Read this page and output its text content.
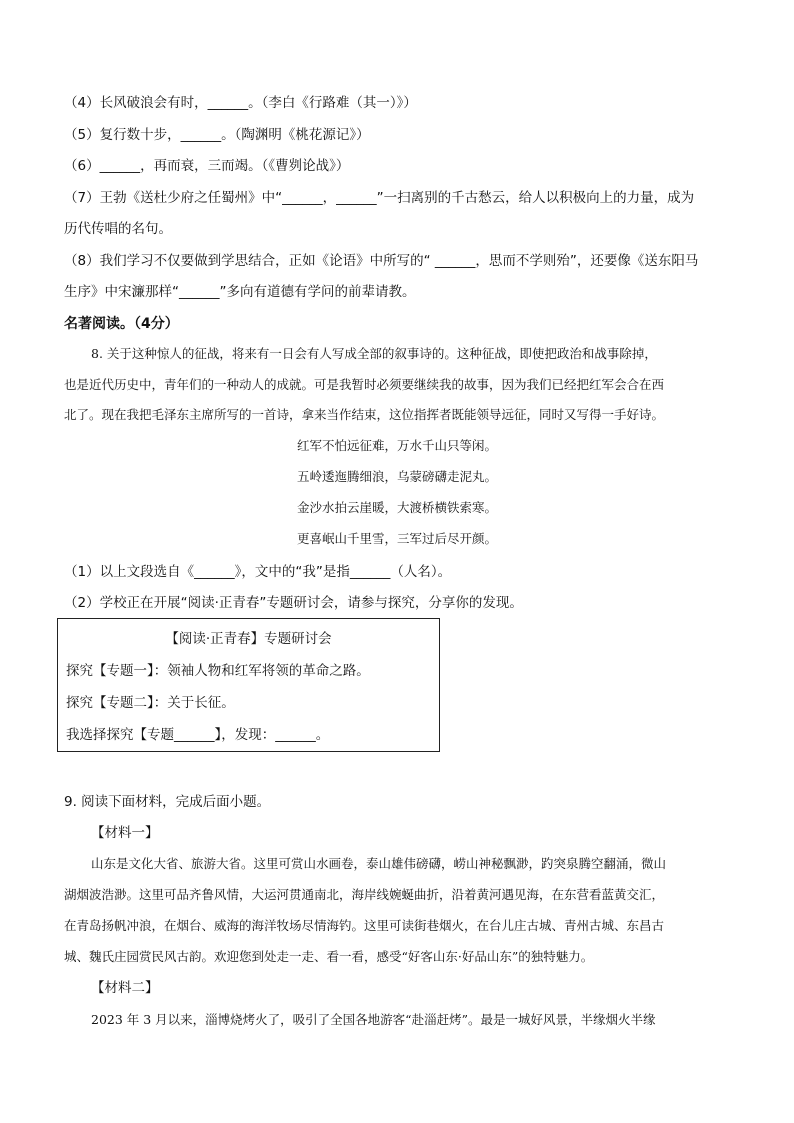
（4）长风破浪会有时，______。（李白《行路难（其一）》）
（5）复行数十步，______。（陶渊明《桃花源记》）
（6）______，再而衰，三而竭。（《曹刿论战》）
（7）王勃《送杜少府之任蜀州》中“______，______”一扫离别的千古愁云，给人以积极向上的力量，成为
历代传唱的名句。
（8）我们学习不仅要做到学思结合，正如《论语》中所写的“ ______，思而不学则殆”，还要像《送东阳马
生序》中宋濂那样“______”多向有道德有学问的前辈请教。
名著阅读。（4分）
8. 关于这种惊人的征战，将来有一日会有人写成全部的叙事诗的。这种征战，即使把政治和战事除掉，
也是近代历史中，青年们的一种动人的成就。可是我暂时必须要继续我的故事，因为我们已经把红军会合在西
北了。现在我把毛泽东主席所写的一首诗，拿来当作结束，这位指挥者既能领导远征，同时又写得一手好诗。
红军不怕远征难，万水千山只等闲。
五岭逶迤腾细浪，乌蒙磅礴走泥丸。
金沙水拍云崖暖，大渡桥横铁索寒。
更喜岷山千里雪，三军过后尽开颜。
（1）以上文段选自《______》，文中的“我”是指______（人名）。
（2）学校正在开展“阅读·正青春”专题研讨会，请参与探究，分享你的发现。
【阅读·正青春】专题研讨会
探究【专题一】：领袖人物和红军将领的革命之路。
探究【专题二】：关于长征。
我选择探究【专题______】，发现：______。
9. 阅读下面材料，完成后面小题。
【材料一】
山东是文化大省、旅游大省。这里可赏山水画卷，泰山雄伟磅礴，崂山神秘飘渺，趵突泉腾空翻涌，微山
湖烟波浩渺。这里可品齐鲁风情，大运河贯通南北，海岸线婉蜒曲折，沿着黄河遇见海，在东营看蓝黄交汇，
在青岛扬帆冲浪，在烟台、威海的海洋牧场尽情海钓。这里可读街巷烟火，在台儿庄古城、青州古城、东昌古
城、魏氏庄园赏民风古韵。欢迎您到处走一走、看一看，感受“好客山东·好品山东”的独特魅力。
【材料二】
2023 年 3 月以来，淄博烧烤火了，吸引了全国各地游客“赴淄赶烤”。最是一城好风景，半缘烟火半缘
